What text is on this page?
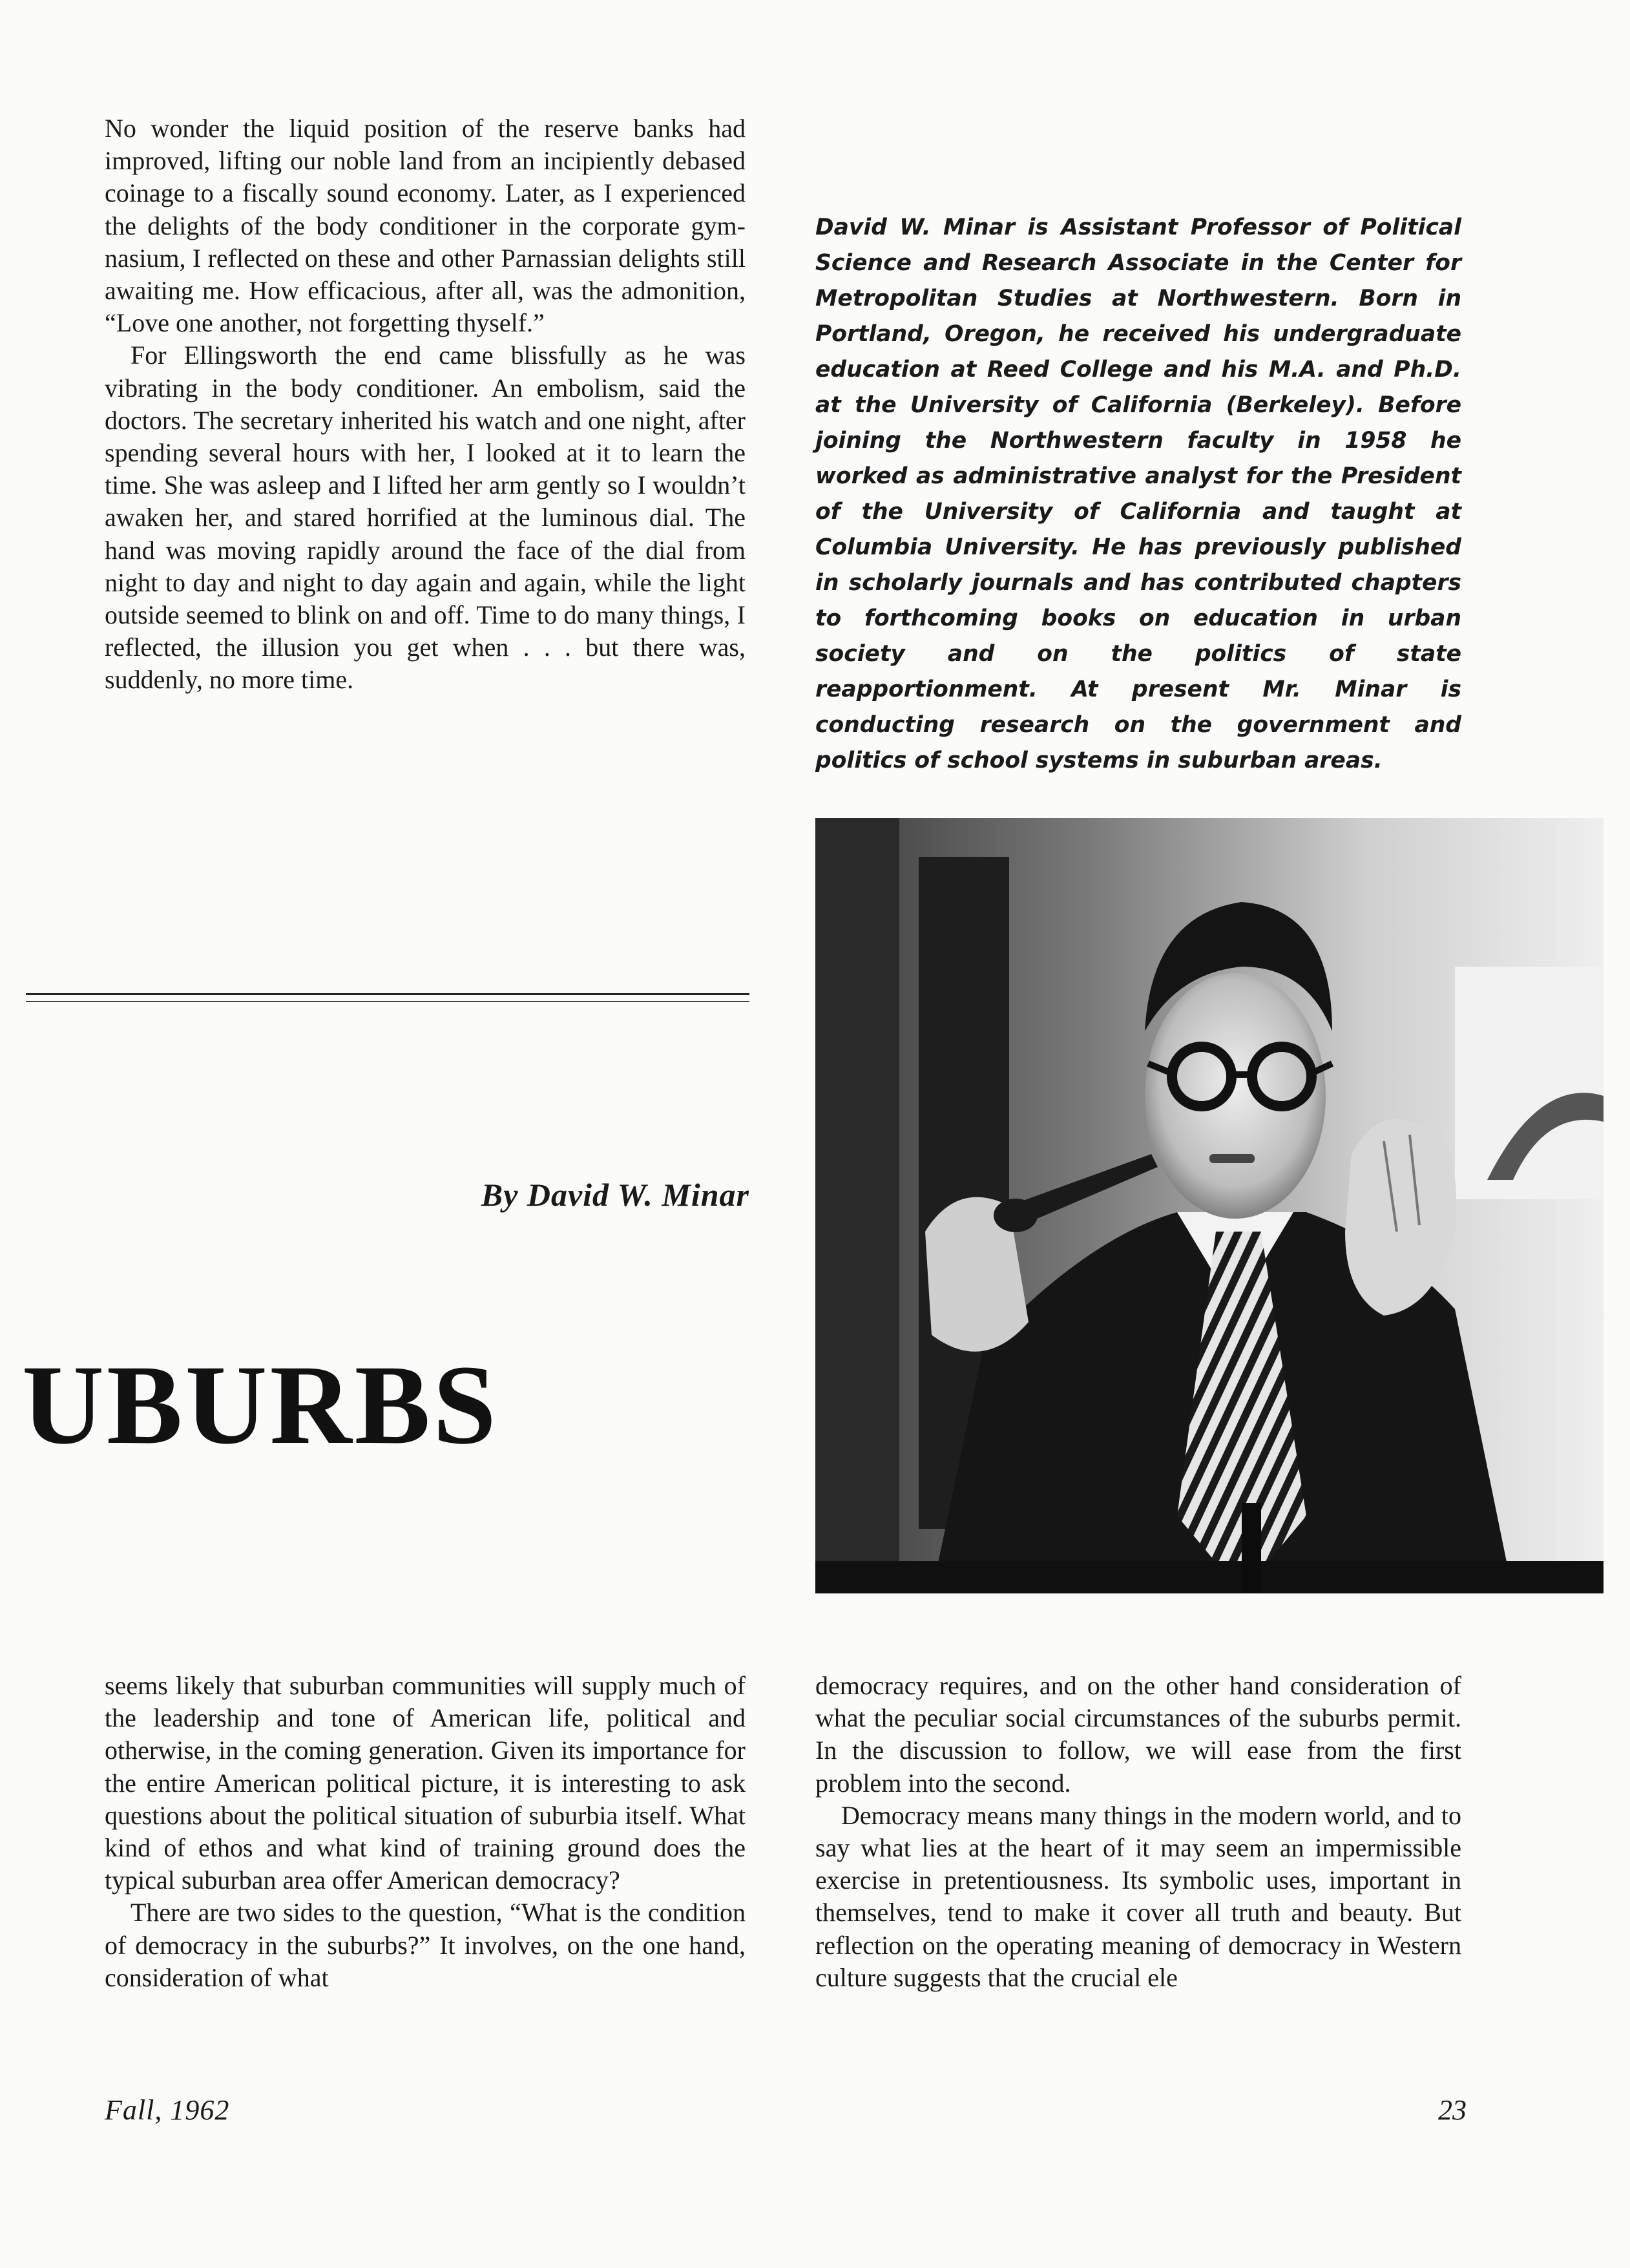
No wonder the liquid position of the reserve banks had improved, lifting our noble land from an incipiently debased coinage to a fiscally sound economy. Later, as I experienced the delights of the body conditioner in the corporate gymnasium, I reflected on these and other Parnassian delights still awaiting me. How efficacious, after all, was the admonition, “Love one another, not forgetting thyself.”

For Ellingsworth the end came blissfully as he was vibrating in the body conditioner. An embolism, said the doctors. The secretary inherited his watch and one night, after spending several hours with her, I looked at it to learn the time. She was asleep and I lifted her arm gently so I wouldn’t awaken her, and stared horrified at the luminous dial. The hand was moving rapidly around the face of the dial from night to day and night to day again and again, while the light outside seemed to blink on and off. Time to do many things, I reflected, the illusion you get when . . . but there was, suddenly, no more time.

David W. Minar is Assistant Professor of Political Science and Research Associate in the Center for Metropolitan Studies at Northwestern. Born in Portland, Oregon, he received his undergraduate education at Reed College and his M.A. and Ph.D. at the University of California (Berkeley). Before joining the Northwestern faculty in 1958 he worked as administrative analyst for the President of the University of California and taught at Columbia University. He has previously published in scholarly journals and has contributed chapters to forthcoming books on education in urban society and on the politics of state reapportionment. At present Mr. Minar is conducting research on the government and politics of school systems in suburban areas.

By David W. Minar
UBURBS

seems likely that suburban communities will supply much of the leadership and tone of American life, political and otherwise, in the coming generation. Given its importance for the entire American political picture, it is interesting to ask questions about the political situation of suburbia itself. What kind of ethos and what kind of training ground does the typical suburban area offer American democracy?

There are two sides to the question, “What is the condition of democracy in the suburbs?” It involves, on the one hand, consideration of what

democracy requires, and on the other hand consideration of what the peculiar social circumstances of the suburbs permit. In the discussion to follow, we will ease from the first problem into the second.

Democracy means many things in the modern world, and to say what lies at the heart of it may seem an impermissible exercise in pretentiousness. Its symbolic uses, important in themselves, tend to make it cover all truth and beauty. But reflection on the operating meaning of democracy in Western culture suggests that the crucial ele

Fall, 1962	23
